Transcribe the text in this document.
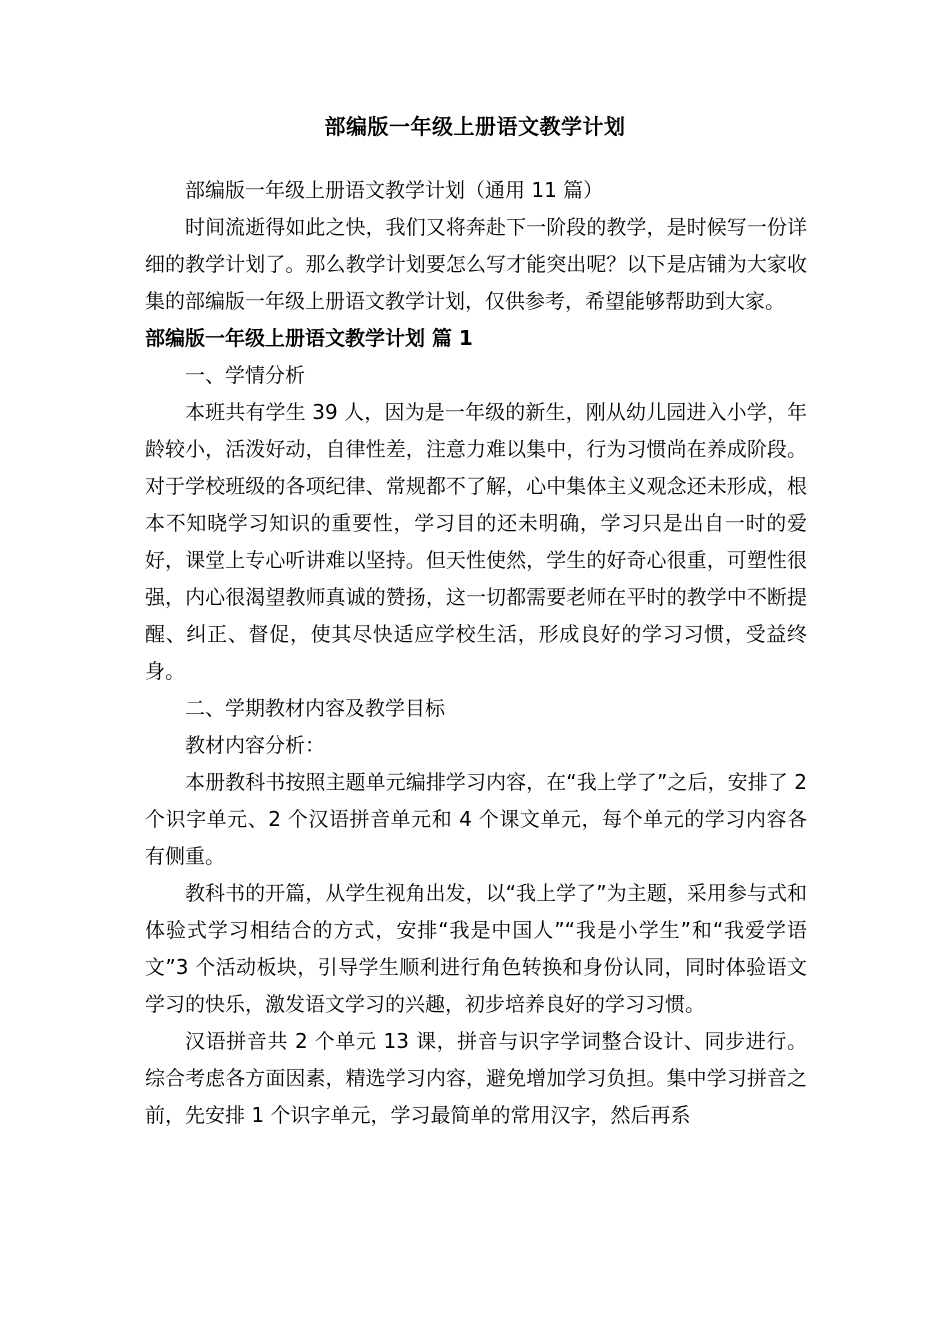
部编版一年级上册语文教学计划

部编版一年级上册语文教学计划（通用 11 篇）

时间流逝得如此之快，我们又将奔赴下一阶段的教学，是时候写一份详细的教学计划了。那么教学计划要怎么写才能突出呢？以下是店铺为大家收集的部编版一年级上册语文教学计划，仅供参考，希望能够帮助到大家。

部编版一年级上册语文教学计划 篇 1

一、学情分析

本班共有学生 39 人，因为是一年级的新生，刚从幼儿园进入小学，年龄较小，活泼好动，自律性差，注意力难以集中，行为习惯尚在养成阶段。对于学校班级的各项纪律、常规都不了解，心中集体主义观念还未形成，根本不知晓学习知识的重要性，学习目的还未明确，学习只是出自一时的爱好，课堂上专心听讲难以坚持。但天性使然，学生的好奇心很重，可塑性很强，内心很渴望教师真诚的赞扬，这一切都需要老师在平时的教学中不断提醒、纠正、督促，使其尽快适应学校生活，形成良好的学习习惯，受益终身。

二、学期教材内容及教学目标

教材内容分析：

本册教科书按照主题单元编排学习内容，在“我上学了”之后，安排了 2 个识字单元、2 个汉语拼音单元和 4 个课文单元，每个单元的学习内容各有侧重。

教科书的开篇，从学生视角出发，以“我上学了”为主题，采用参与式和体验式学习相结合的方式，安排“我是中国人”“我是小学生”和“我爱学语文”3 个活动板块，引导学生顺利进行角色转换和身份认同，同时体验语文学习的快乐，激发语文学习的兴趣，初步培养良好的学习习惯。

汉语拼音共 2 个单元 13 课，拼音与识字学词整合设计、同步进行。综合考虑各方面因素，精选学习内容，避免增加学习负担。集中学习拼音之前，先安排 1 个识字单元，学习最简单的常用汉字，然后再系
